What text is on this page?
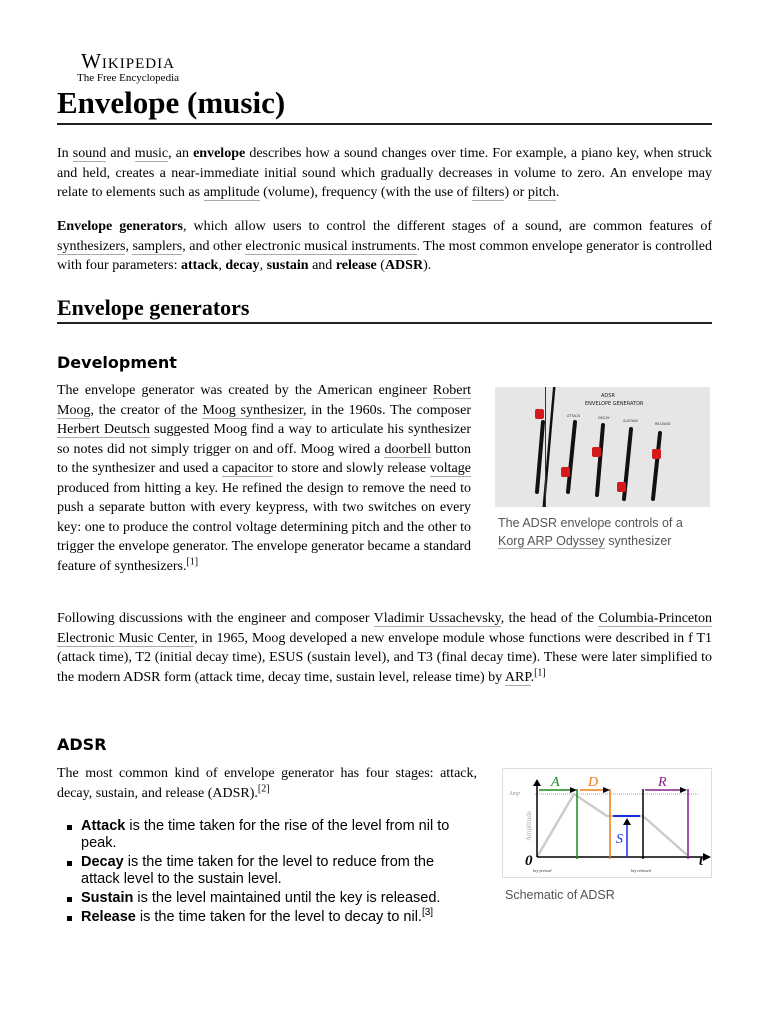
Wikipedia
The Free Encyclopedia
Envelope (music)

In sound and music, an envelope describes how a sound changes over time. For example, a piano key, when struck and held, creates a near-immediate initial sound which gradually decreases in volume to zero. An envelope may relate to elements such as amplitude (volume), frequency (with the use of filters) or pitch.

Envelope generators, which allow users to control the different stages of a sound, are common features of synthesizers, samplers, and other electronic musical instruments. The most common envelope generator is controlled with four parameters: attack, decay, sustain and release (ADSR).

Envelope generators
Development

The envelope generator was created by the American engineer Robert Moog, the creator of the Moog synthesizer, in the 1960s. The composer Herbert Deutsch suggested Moog find a way to articulate his synthesizer so notes did not simply trigger on and off. Moog wired a doorbell button to the synthesizer and used a capacitor to store and slowly release voltage produced from hitting a key. He refined the design to remove the need to push a separate button with every keypress, with two switches on every key: one to produce the control voltage determining pitch and the other to trigger the envelope generator. The envelope generator became a standard feature of synthesizers.[1]

ADSR
ENVELOPE GENERATOR
ATTACK	DECAY
SUSTAIN
RELEASE
The ADSR envelope controls of a Korg ARP Odyssey synthesizer

Following discussions with the engineer and composer Vladimir Ussachevsky, the head of the Columbia-Princeton Electronic Music Center, in 1965, Moog developed a new envelope module whose functions were described in f T1 (attack time), T2 (initial decay time), ESUS (sustain level), and T3 (final decay time). These were later simplified to the modern ADSR form (attack time, decay time, sustain level, release time) by ARP.[1]

ADSR

The most common kind of envelope generator has four stages: attack, decay, sustain, and release (ADSR).[2]

Attack is the time taken for the rise of the level from nil to peak.
Decay is the time taken for the level to reduce from the attack level to the sustain level.
Sustain is the level maintained until the key is released.
Release is the time taken for the level to decay to nil.[3]
A D
S
R
Amp
Amplitude
0	t
key pressed	key released
Schematic of ADSR
